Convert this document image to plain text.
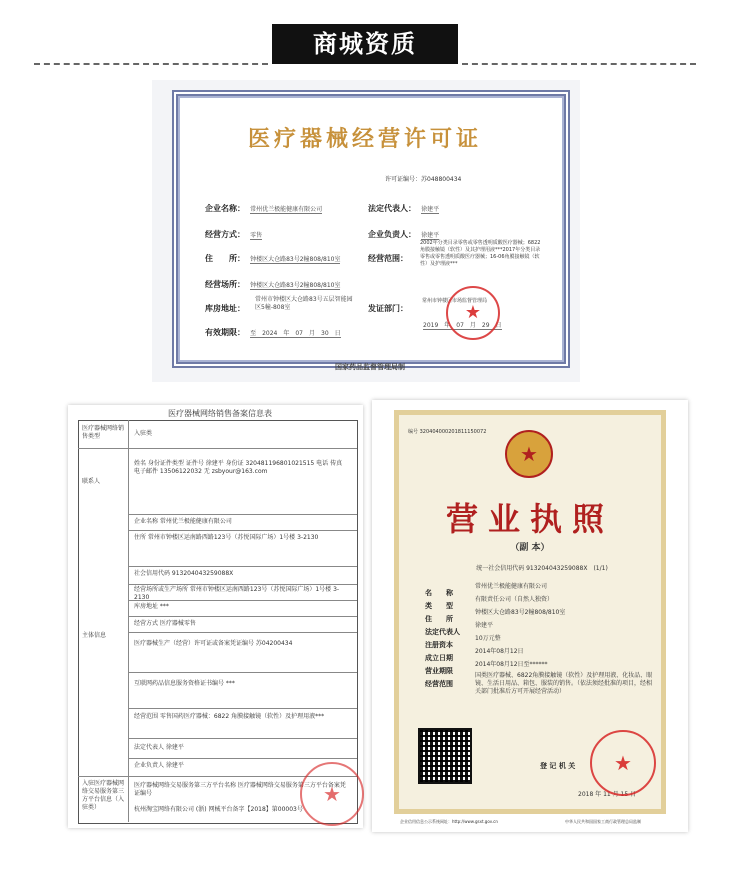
商城资质
医疗器械经营许可证
许可证编号：苏048800434
企业名称： 常州优兰极能健康有限公司
经营方式： 零售
住　　所： 钟楼区大仓路83号2幢808/810室
经营场所： 钟楼区大仓路83号2幢808/810室
库房地址：
常州市钟楼区大仓路83号五层智能园区5幢-808室
有效期限： 至　2024　年　07　月　30　日
法定代表人： 徐建平
企业负责人： 徐建平
经营范围：
2002年分类目录零售或零售透明质酸医疗器械；6822 角膜接触镜（软性）及其护理用液***2017年分类目录零售或零售透明质酸医疗器械；16-06角膜接触镜（软性）及护理液***
发证部门：
常州市钟楼区市场监督管理局
2019　年　07　月　29　日
★
国家药品监督管理局制
医疗器械网络销售备案信息表
医疗器械网络销售类型	入驻类
联系人
姓名 身份证件类型 证件号 徐建平 身份证 320481196801021515 电话 传真 电子邮件 13506122032 无 zsbyour@163.com
企业名称 常州优兰极能健康有限公司
住所 常州市钟楼区运南路西路123号（苏悦国际广场）1号楼 3-2130
社会信用代码 913204043259088X
主体信息
经营场所或生产场所 常州市钟楼区运南西路123号（苏悦国际广场）1号楼 3-2130
库房地址 ***
经营方式 医疗器械零售
医疗器械生产（经营）许可证或备案凭证编号 苏04200434
互联网药品信息服务资格证书编号 ***
经营范围 零售国药医疗器械：6822 角膜接触镜（软性）及护理用液***
法定代表人 徐建平
企业负责人 徐建平
入驻医疗器械网络交易服务第三方平台信息（入驻类）
医疗器械网络交易服务第三方平台名称 医疗器械网络交易服务第三方平台备案凭证编号
杭州淘宝网络有限公司 (浙) 网械平台备字【2018】第00003号
★
编号 320404000201811150072
★
营业执照
（副 本）
统一社会信用代码 913204043259088X　(1/1)
名　　称
常州优兰极能健康有限公司
类　　型
有限责任公司（自然人独资）
住　　所
钟楼区大仓路83号2幢808/810室
法定代表人
徐建平
注册资本
10万元整
成立日期
2014年08月12日
营业期限
2014年08月12日至******
经营范围
国类医疗器械、6822角膜接触镜（软性）及护理用液、化妆品、眼镜、生活日用品、箱包、服装的销售。（依法须经批准的项目，经相关部门批准后方可开展经营活动）
登 记 机 关
2018 年 11 月 15 日
★
企业信用信息公示系统网址：http://www.gsxt.gov.cn	中华人民共和国国家工商行政管理总局监制
